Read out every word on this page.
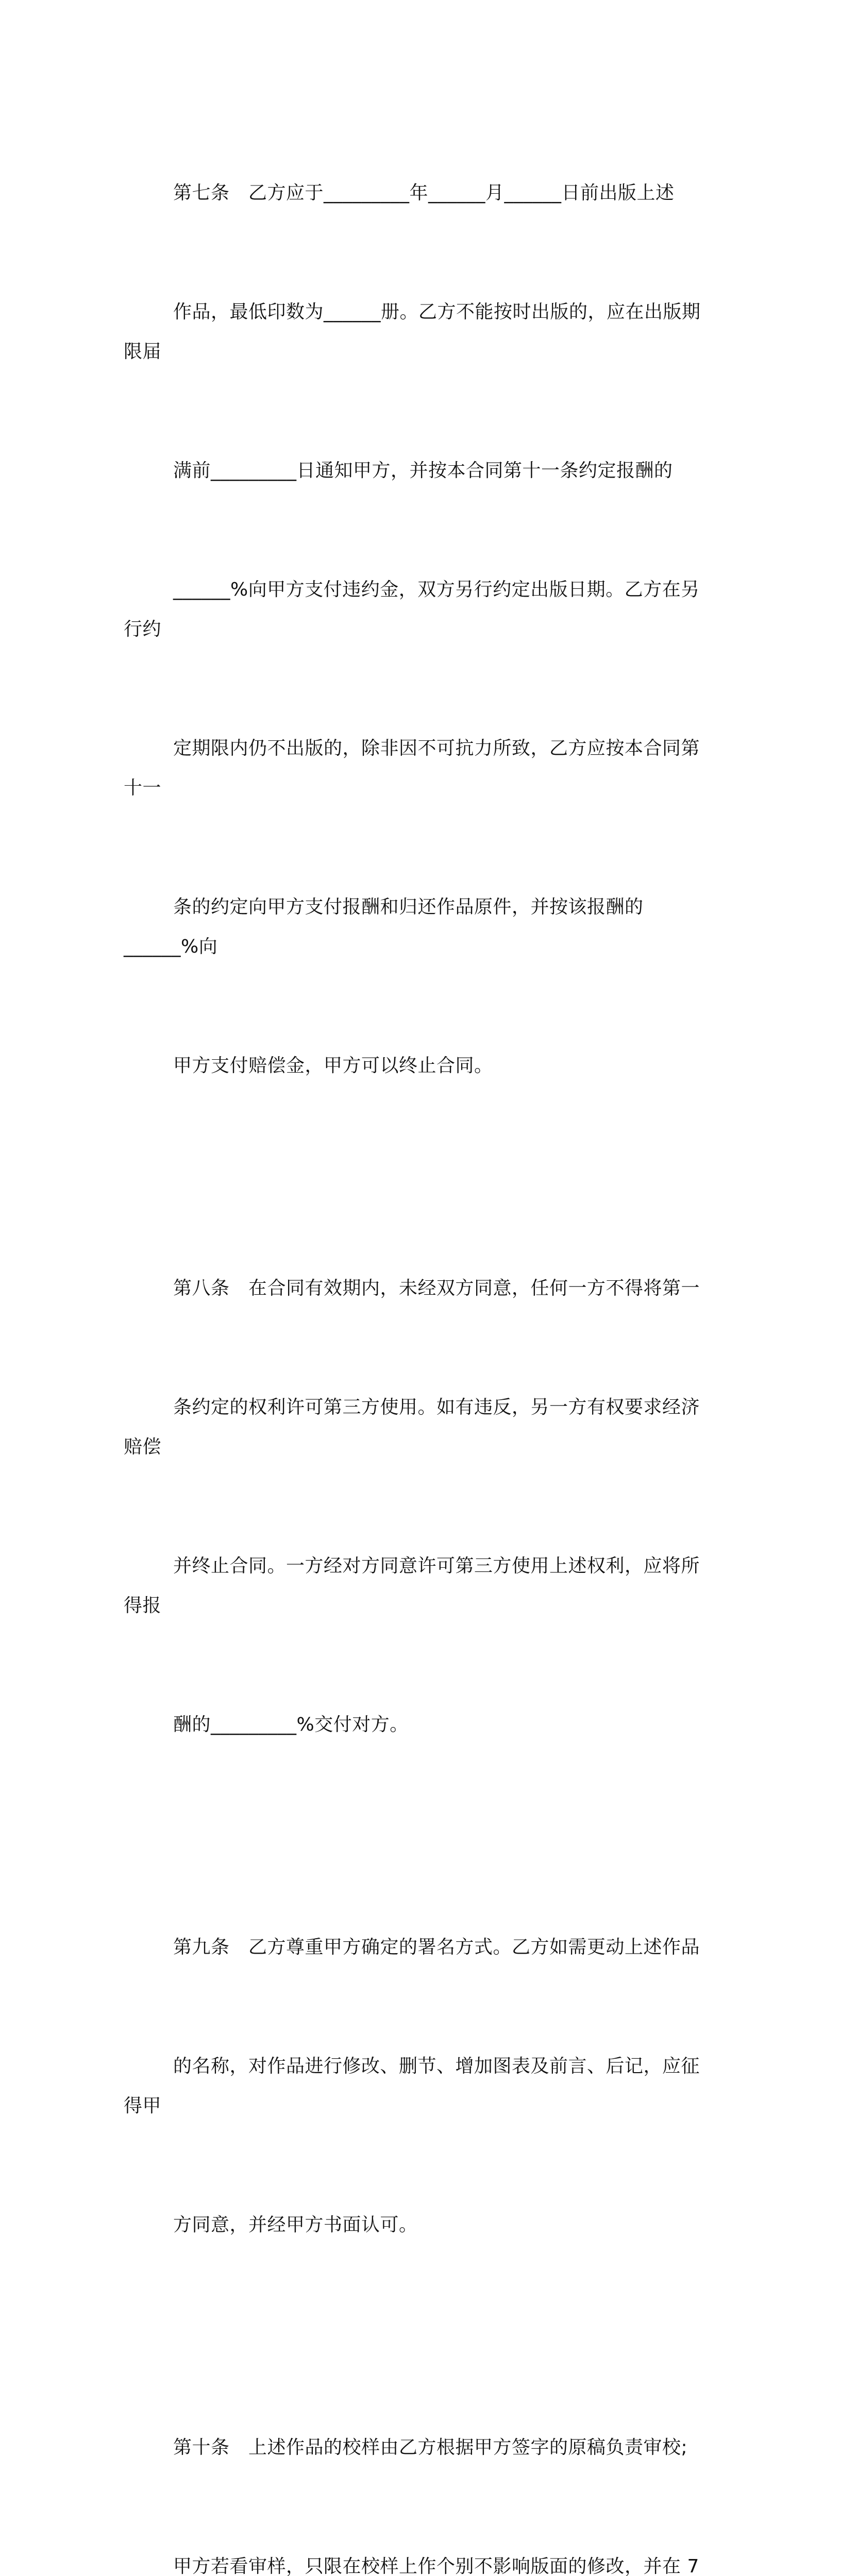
第七条　乙方应于_________年______月______日前出版上述

作品，最低印数为______册。乙方不能按时出版的，应在出版期限届

满前_________日通知甲方，并按本合同第十一条约定报酬的

______%向甲方支付违约金，双方另行约定出版日期。乙方在另行约

定期限内仍不出版的，除非因不可抗力所致，乙方应按本合同第十一

条的约定向甲方支付报酬和归还作品原件，并按该报酬的______%向

甲方支付赔偿金，甲方可以终止合同。

第八条　在合同有效期内，未经双方同意，任何一方不得将第一

条约定的权利许可第三方使用。如有违反，另一方有权要求经济赔偿

并终止合同。一方经对方同意许可第三方使用上述权利，应将所得报

酬的_________%交付对方。

第九条　乙方尊重甲方确定的署名方式。乙方如需更动上述作品

的名称，对作品进行修改、删节、增加图表及前言、后记，应征得甲

方同意，并经甲方书面认可。

第十条　上述作品的校样由乙方根据甲方签字的原稿负责审校;

甲方若看审样，只限在校样上作个别不影响版面的修改，并在 7
